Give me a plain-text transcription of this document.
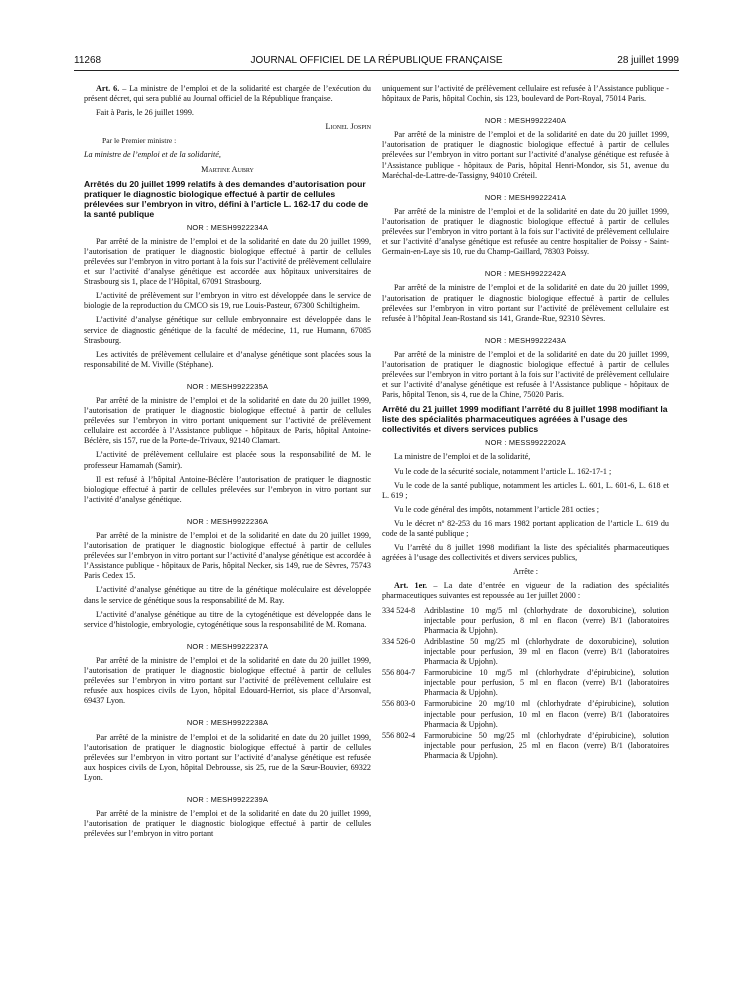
11268	JOURNAL OFFICIEL DE LA RÉPUBLIQUE FRANÇAISE	28 juillet 1999

Art. 6. – La ministre de l’emploi et de la solidarité est chargée de l’exécution du présent décret, qui sera publié au Journal officiel de la République française.

Fait à Paris, le 26 juillet 1999.

Lionel Jospin

Par le Premier ministre :

La ministre de l’emploi et de la solidarité,

Martine Aubry

Arrêtés du 20 juillet 1999 relatifs à des demandes d’autorisation pour pratiquer le diagnostic biologique effectué à partir de cellules prélevées sur l’embryon in vitro, défini à l’article L. 162-17 du code de la santé publique

NOR : MESH9922234A

Par arrêté de la ministre de l’emploi et de la solidarité en date du 20 juillet 1999, l’autorisation de pratiquer le diagnostic biologique effectué à partir de cellules prélevées sur l’embryon in vitro portant à la fois sur l’activité de prélèvement cellulaire et sur l’activité d’analyse génétique est accordée aux hôpitaux universitaires de Strasbourg sis 1, place de l’Hôpital, 67091 Strasbourg.

L’activité de prélèvement sur l’embryon in vitro est développée dans le service de biologie de la reproduction du CMCO sis 19, rue Louis-Pasteur, 67300 Schiltigheim.

L’activité d’analyse génétique sur cellule embryonnaire est développée dans le service de diagnostic génétique de la faculté de médecine, 11, rue Humann, 67085 Strasbourg.

Les activités de prélèvement cellulaire et d’analyse génétique sont placées sous la responsabilité de M. Viville (Stéphane).

NOR : MESH9922235A

Par arrêté de la ministre de l’emploi et de la solidarité en date du 20 juillet 1999, l’autorisation de pratiquer le diagnostic biologique effectué à partir de cellules prélevées sur l’embryon in vitro portant uniquement sur l’activité de prélèvement cellulaire est accordée à l’Assistance publique - hôpitaux de Paris, hôpital Antoine-Béclère, sis 157, rue de la Porte-de-Trivaux, 92140 Clamart.

L’activité de prélèvement cellulaire est placée sous la responsabilité de M. le professeur Hamamah (Samir).

Il est refusé à l’hôpital Antoine-Béclère l’autorisation de pratiquer le diagnostic biologique effectué à partir de cellules prélevées sur l’embryon in vitro portant sur l’activité d’analyse génétique.

NOR : MESH9922236A

Par arrêté de la ministre de l’emploi et de la solidarité en date du 20 juillet 1999, l’autorisation de pratiquer le diagnostic biologique effectué à partir de cellules prélevées sur l’embryon in vitro portant sur l’activité d’analyse génétique est accordée à l’Assistance publique - hôpitaux de Paris, hôpital Necker, sis 149, rue de Sèvres, 75743 Paris Cedex 15.

L’activité d’analyse génétique au titre de la génétique moléculaire est développée dans le service de génétique sous la responsabilité de M. Ray.

L’activité d’analyse génétique au titre de la cytogénétique est développée dans le service d’histologie, embryologie, cytogénétique sous la responsabilité de M. Romana.

NOR : MESH9922237A

Par arrêté de la ministre de l’emploi et de la solidarité en date du 20 juillet 1999, l’autorisation de pratiquer le diagnostic biologique effectué à partir de cellules prélevées sur l’embryon in vitro portant sur l’activité de prélèvement cellulaire est refusée aux hospices civils de Lyon, hôpital Edouard-Herriot, sis place d’Arsonval, 69437 Lyon.

NOR : MESH9922238A

Par arrêté de la ministre de l’emploi et de la solidarité en date du 20 juillet 1999, l’autorisation de pratiquer le diagnostic biologique effectué à partir de cellules prélevées sur l’embryon in vitro portant sur l’activité d’analyse génétique est refusée aux hospices civils de Lyon, hôpital Debrousse, sis 25, rue de la Sœur-Bouvier, 69322 Lyon.

NOR : MESH9922239A

Par arrêté de la ministre de l’emploi et de la solidarité en date du 20 juillet 1999, l’autorisation de pratiquer le diagnostic biologique effectué à partir de cellules prélevées sur l’embryon in vitro portant

uniquement sur l’activité de prélèvement cellulaire est refusée à l’Assistance publique - hôpitaux de Paris, hôpital Cochin, sis 123, boulevard de Port-Royal, 75014 Paris.

NOR : MESH9922240A

Par arrêté de la ministre de l’emploi et de la solidarité en date du 20 juillet 1999, l’autorisation de pratiquer le diagnostic biologique effectué à partir de cellules prélevées sur l’embryon in vitro portant sur l’activité d’analyse génétique est refusée à l’Assistance publique - hôpitaux de Paris, hôpital Henri-Mondor, sis 51, avenue du Maréchal-de-Lattre-de-Tassigny, 94010 Créteil.

NOR : MESH9922241A

Par arrêté de la ministre de l’emploi et de la solidarité en date du 20 juillet 1999, l’autorisation de pratiquer le diagnostic biologique effectué à partir de cellules prélevées sur l’embryon in vitro portant à la fois sur l’activité de prélèvement cellulaire et sur l’activité d’analyse génétique est refusée au centre hospitalier de Poissy - Saint-Germain-en-Laye sis 10, rue du Champ-Gaillard, 78303 Poissy.

NOR : MESH9922242A

Par arrêté de la ministre de l’emploi et de la solidarité en date du 20 juillet 1999, l’autorisation de pratiquer le diagnostic biologique effectué à partir de cellules prélevées sur l’embryon in vitro portant sur l’activité de prélèvement cellulaire est refusée à l’hôpital Jean-Rostand sis 141, Grande-Rue, 92310 Sèvres.

NOR : MESH9922243A

Par arrêté de la ministre de l’emploi et de la solidarité en date du 20 juillet 1999, l’autorisation de pratiquer le diagnostic biologique effectué à partir de cellules prélevées sur l’embryon in vitro portant à la fois sur l’activité de prélèvement cellulaire et sur l’activité d’analyse génétique est refusée à l’Assistance publique - hôpitaux de Paris, hôpital Tenon, sis 4, rue de la Chine, 75020 Paris.

Arrêté du 21 juillet 1999 modifiant l’arrêté du 8 juillet 1998 modifiant la liste des spécialités pharmaceutiques agréées à l’usage des collectivités et divers services publics

NOR : MESS9922202A

La ministre de l’emploi et de la solidarité,

Vu le code de la sécurité sociale, notamment l’article L. 162-17-1 ;

Vu le code de la santé publique, notamment les articles L. 601, L. 601-6, L. 618 et L. 619 ;

Vu le code général des impôts, notamment l’article 281 octies ;

Vu le décret nº 82-253 du 16 mars 1982 portant application de l’article L. 619 du code de la santé publique ;

Vu l’arrêté du 8 juillet 1998 modifiant la liste des spécialités pharmaceutiques agréées à l’usage des collectivités et divers services publics,

Arrête :

Art. 1er. – La date d’entrée en vigueur de la radiation des spécialités pharmaceutiques suivantes est repoussée au 1er juillet 2000 :

334 524-8	Adriblastine 10 mg/5 ml (chlorhydrate de doxorubicine), solution injectable pour perfusion, 8 ml en flacon (verre) B/1 (laboratoires Pharmacia & Upjohn).
334 526-0	Adriblastine 50 mg/25 ml (chlorhydrate de doxorubicine), solution injectable pour perfusion, 39 ml en flacon (verre) B/1 (laboratoires Pharmacia & Upjohn).
556 804-7	Farmorubicine 10 mg/5 ml (chlorhydrate d’épirubicine), solution injectable pour perfusion, 5 ml en flacon (verre) B/1 (laboratoires Pharmacia & Upjohn).
556 803-0	Farmorubicine 20 mg/10 ml (chlorhydrate d’épirubicine), solution injectable pour perfusion, 10 ml en flacon (verre) B/1 (laboratoires Pharmacia & Upjohn).
556 802-4	Farmorubicine 50 mg/25 ml (chlorhydrate d’épirubicine), solution injectable pour perfusion, 25 ml en flacon (verre) B/1 (laboratoires Pharmacia & Upjohn).
